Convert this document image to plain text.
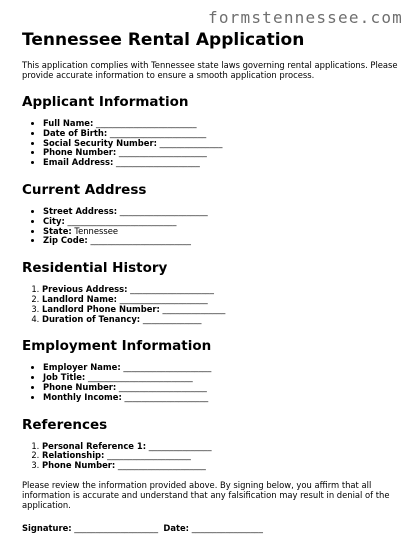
formstennessee.com
Tennessee Rental Application

This application complies with Tennessee state laws governing rental applications. Please provide accurate information to ensure a smooth application process.

Applicant Information
• Full Name: ________________________
• Date of Birth: _______________________
• Social Security Number: _______________
• Phone Number: _____________________
• Email Address: ____________________
Current Address
• Street Address: _____________________
• City: __________________________
• State: Tennessee
• Zip Code: ________________________
Residential History
1. Previous Address: ____________________
2. Landlord Name: _____________________
3. Landlord Phone Number: _______________
4. Duration of Tenancy: ______________
Employment Information
• Employer Name: _____________________
• Job Title: _________________________
• Phone Number: _____________________
• Monthly Income: ____________________
References
1. Personal Reference 1: _______________
2. Relationship: ____________________
3. Phone Number: _____________________

Please review the information provided above. By signing below, you affirm that all information is accurate and understand that any falsification may result in denial of the application.

Signature: ____________________ Date: _________________
